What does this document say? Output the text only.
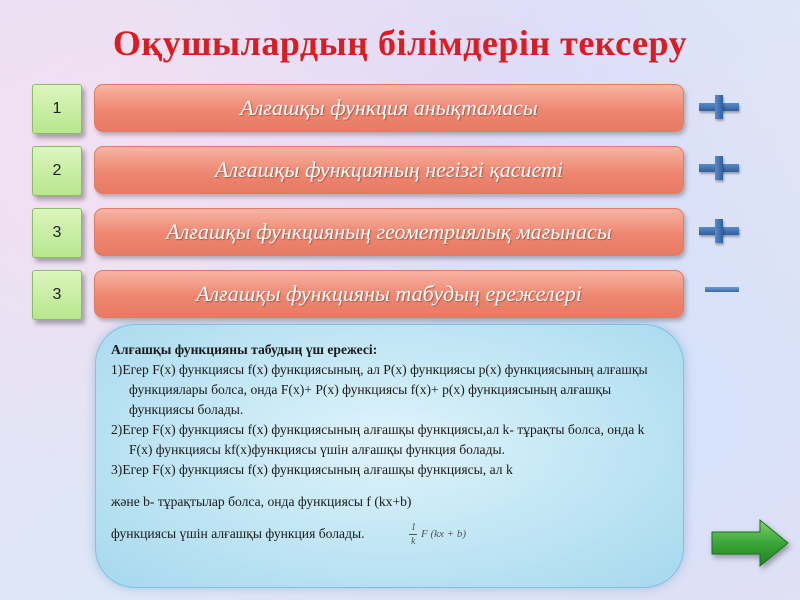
Оқушылардың білімдерін тексеру
1	Алғашқы функция анықтамасы
2	Алғашқы функцияның негізгі қасиеті
3	Алғашқы функцияның геометриялық мағынасы
3	Алғашқы функцияны табудың ережелері
Алғашқы функцияны табудың үш ережесі:
1)Егер F(x) функциясы f(x) функциясының, ал P(x) функциясы p(x) функциясының алғашқы функциялары болса, онда F(x)+ P(x) функциясы f(x)+ p(x) функциясының алғашқы функциясы болады.
2)Егер F(x) функциясы f(x) функциясының алғашқы функциясы,ал k- тұрақты болса, онда k F(x) функциясы kf(x)функциясы үшін алғашқы функция болады.
3)Егер F(x) функциясы f(x) функциясының алғашқы функциясы, ал k
және b- тұрақтылар болса, онда функциясы f (kx+b)
функциясы үшін алғашқы функция болады.	1
k
F (kx + b)
